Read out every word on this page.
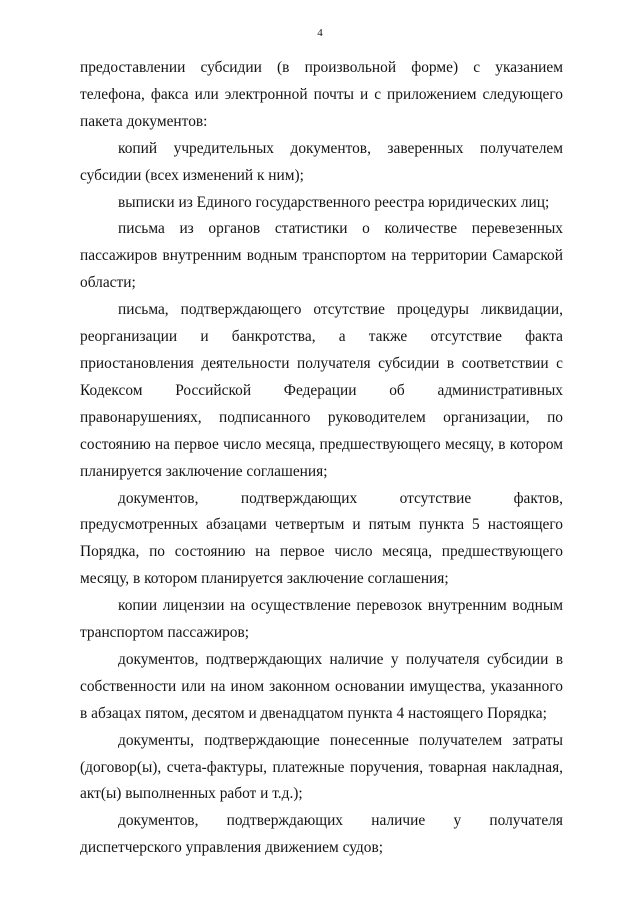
4

предоставлении субсидии (в произвольной форме) с указанием телефона, факса или электронной почты и с приложением следующего пакета документов:

копий учредительных документов, заверенных получателем субсидии (всех изменений к ним);

выписки из Единого государственного реестра юридических лиц;

письма из органов статистики о количестве перевезенных пассажиров внутренним водным транспортом на территории Самарской области;

письма, подтверждающего отсутствие процедуры ликвидации, реорганизации и банкротства, а также отсутствие факта приостановления деятельности получателя субсидии в соответствии с Кодексом Российской Федерации об административных правонарушениях, подписанного руководителем организации, по состоянию на первое число месяца, предшествующего месяцу, в котором планируется заключение соглашения;

документов, подтверждающих отсутствие фактов, предусмотренных абзацами четвертым и пятым пункта 5 настоящего Порядка, по состоянию на первое число месяца, предшествующего месяцу, в котором планируется заключение соглашения;

копии лицензии на осуществление перевозок внутренним водным транспортом пассажиров;

документов, подтверждающих наличие у получателя субсидии в собственности или на ином законном основании имущества, указанного в абзацах пятом, десятом и двенадцатом пункта 4 настоящего Порядка;

документы, подтверждающие понесенные получателем затраты (договор(ы), счета-фактуры, платежные поручения, товарная накладная, акт(ы) выполненных работ и т.д.);

документов, подтверждающих наличие у получателя диспетчерского управления движением судов;
